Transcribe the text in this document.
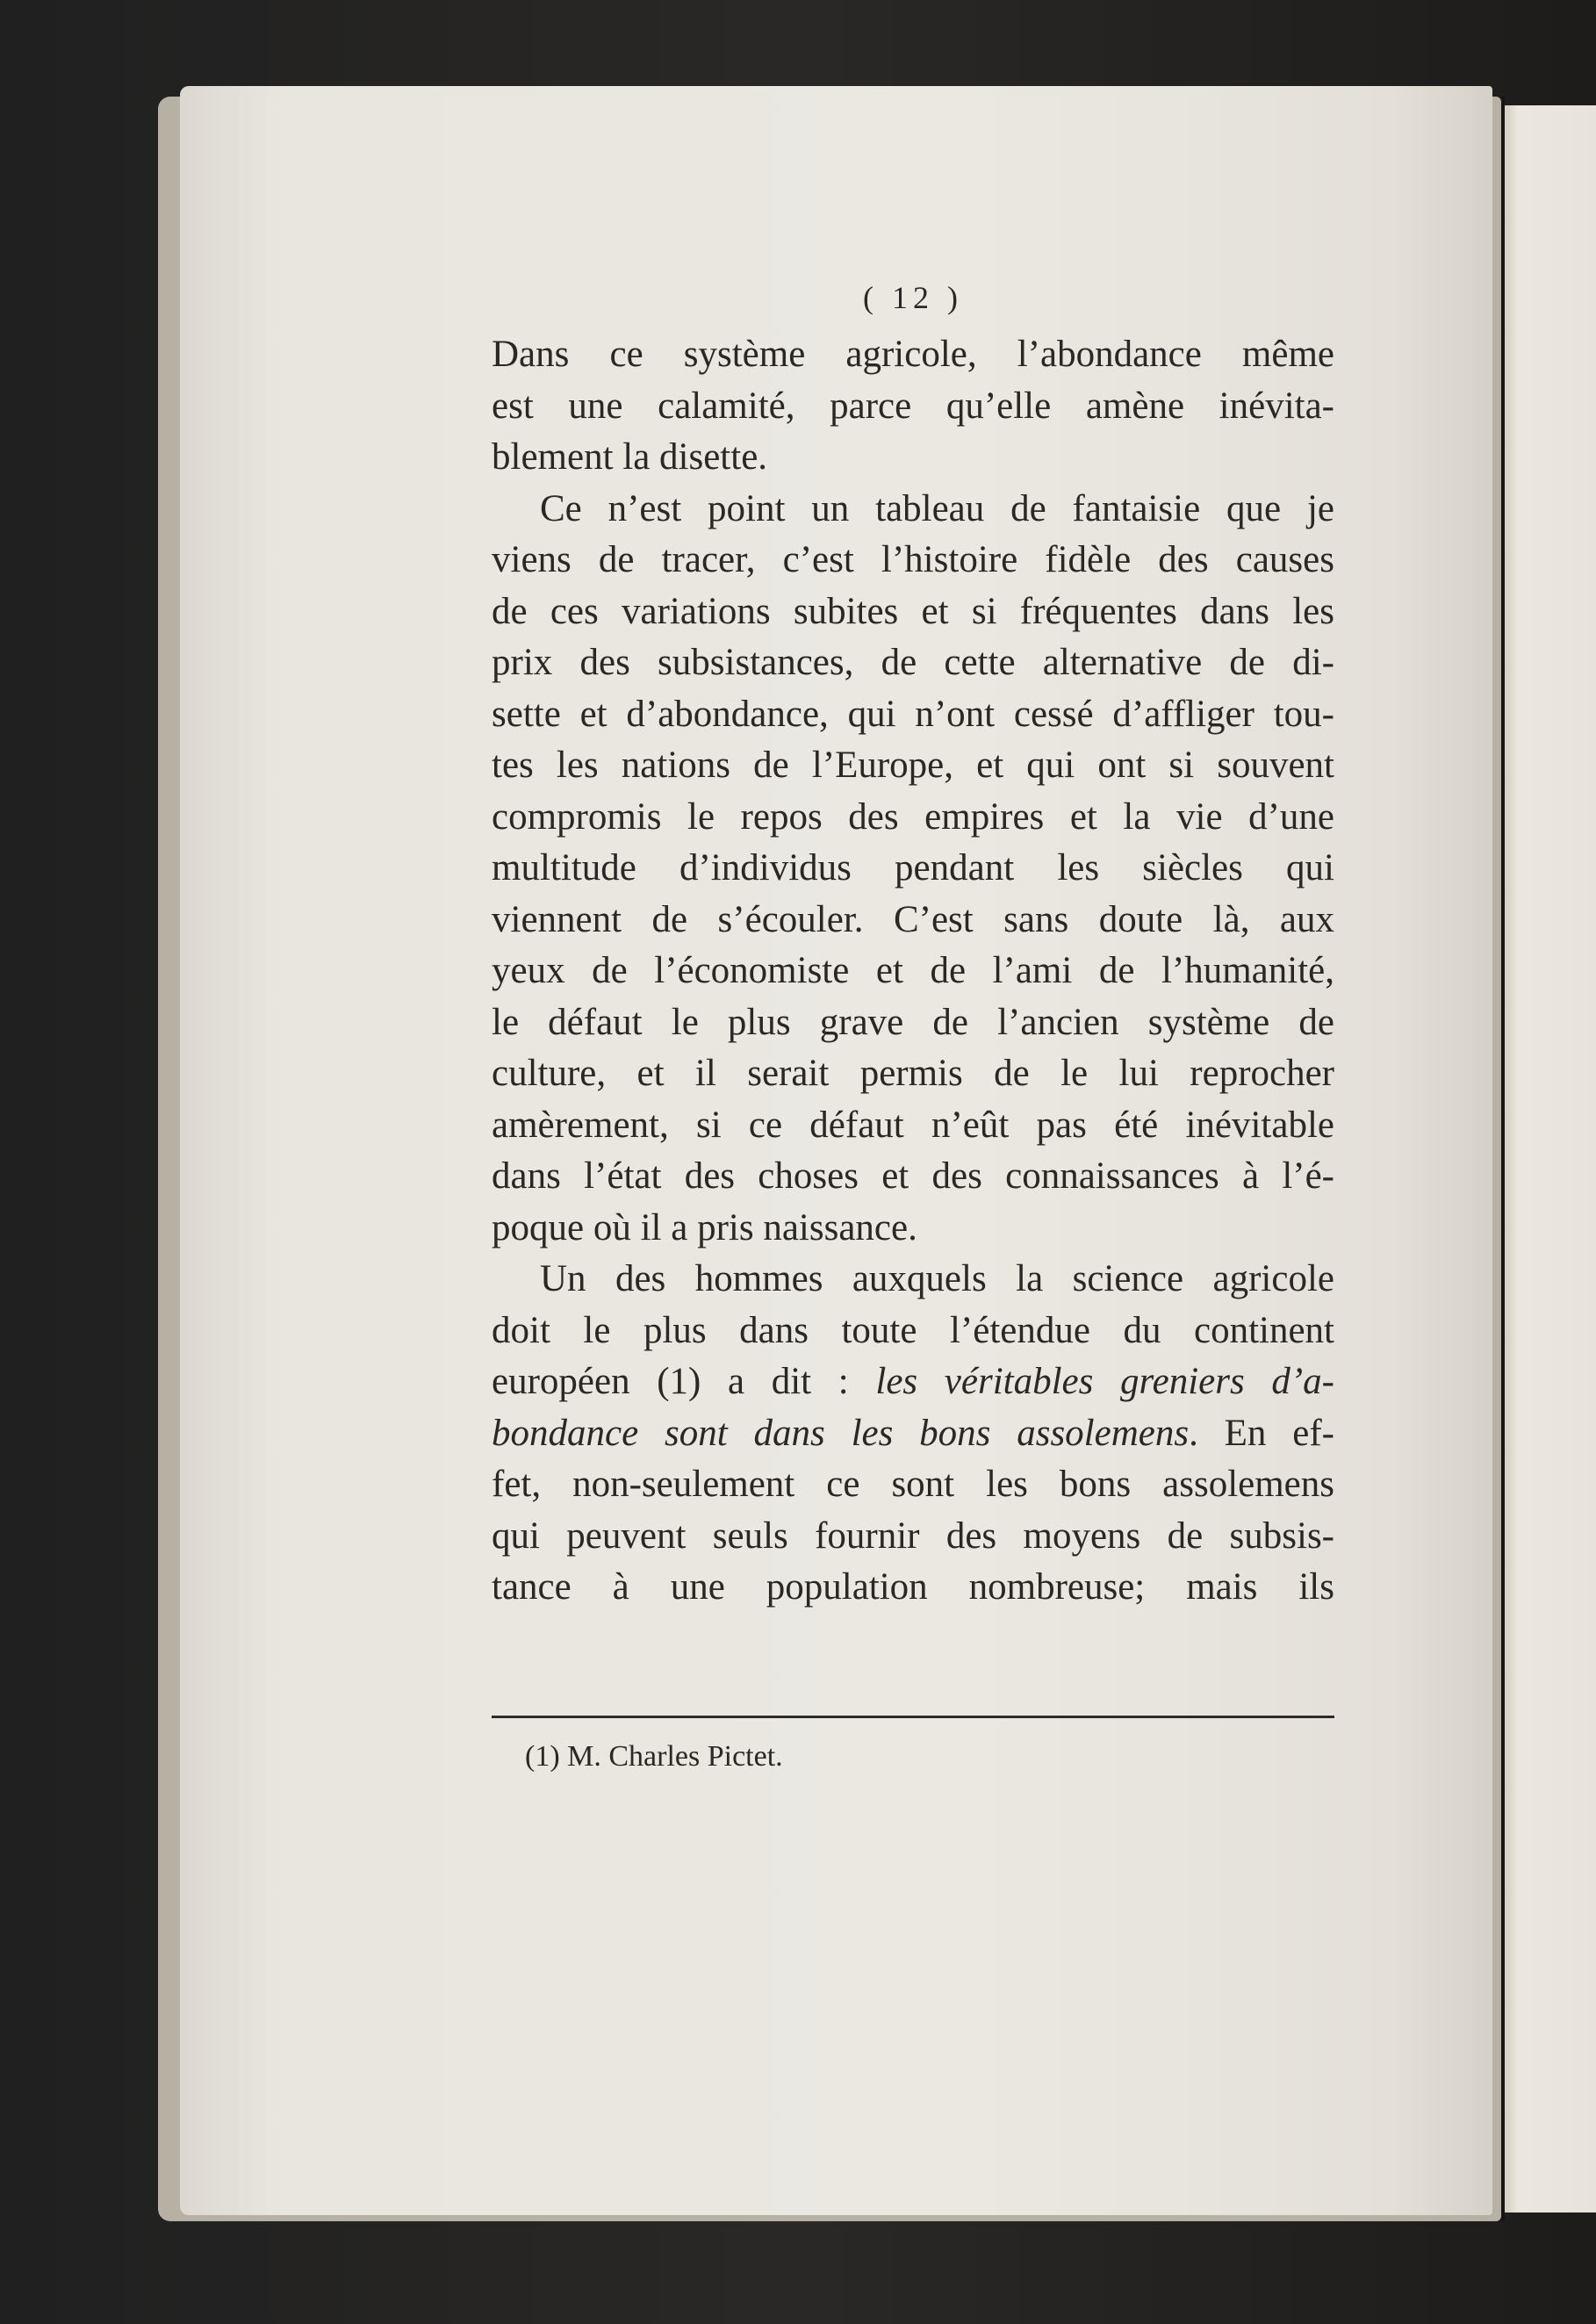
( 12 )
Dans ce système agricole, l’abondance même
est une calamité, parce qu’elle amène inévita-
blement la disette.
Ce n’est point un tableau de fantaisie que je
viens de tracer, c’est l’histoire fidèle des causes
de ces variations subites et si fréquentes dans les
prix des subsistances, de cette alternative de di-
sette et d’abondance, qui n’ont cessé d’affliger tou-
tes les nations de l’Europe, et qui ont si souvent
compromis le repos des empires et la vie d’une
multitude d’individus pendant les siècles qui
viennent de s’écouler. C’est sans doute là, aux
yeux de l’économiste et de l’ami de l’humanité,
le défaut le plus grave de l’ancien système de
culture, et il serait permis de le lui reprocher
amèrement, si ce défaut n’eût pas été inévitable
dans l’état des choses et des connaissances à l’é-
poque où il a pris naissance.
Un des hommes auxquels la science agricole
doit le plus dans toute l’étendue du continent
européen (1) a dit : les véritables greniers d’a-
bondance sont dans les bons assolemens. En ef-
fet, non-seulement ce sont les bons assolemens
qui peuvent seuls fournir des moyens de subsis-
tance à une population nombreuse; mais ils
(1) M. Charles Pictet.
